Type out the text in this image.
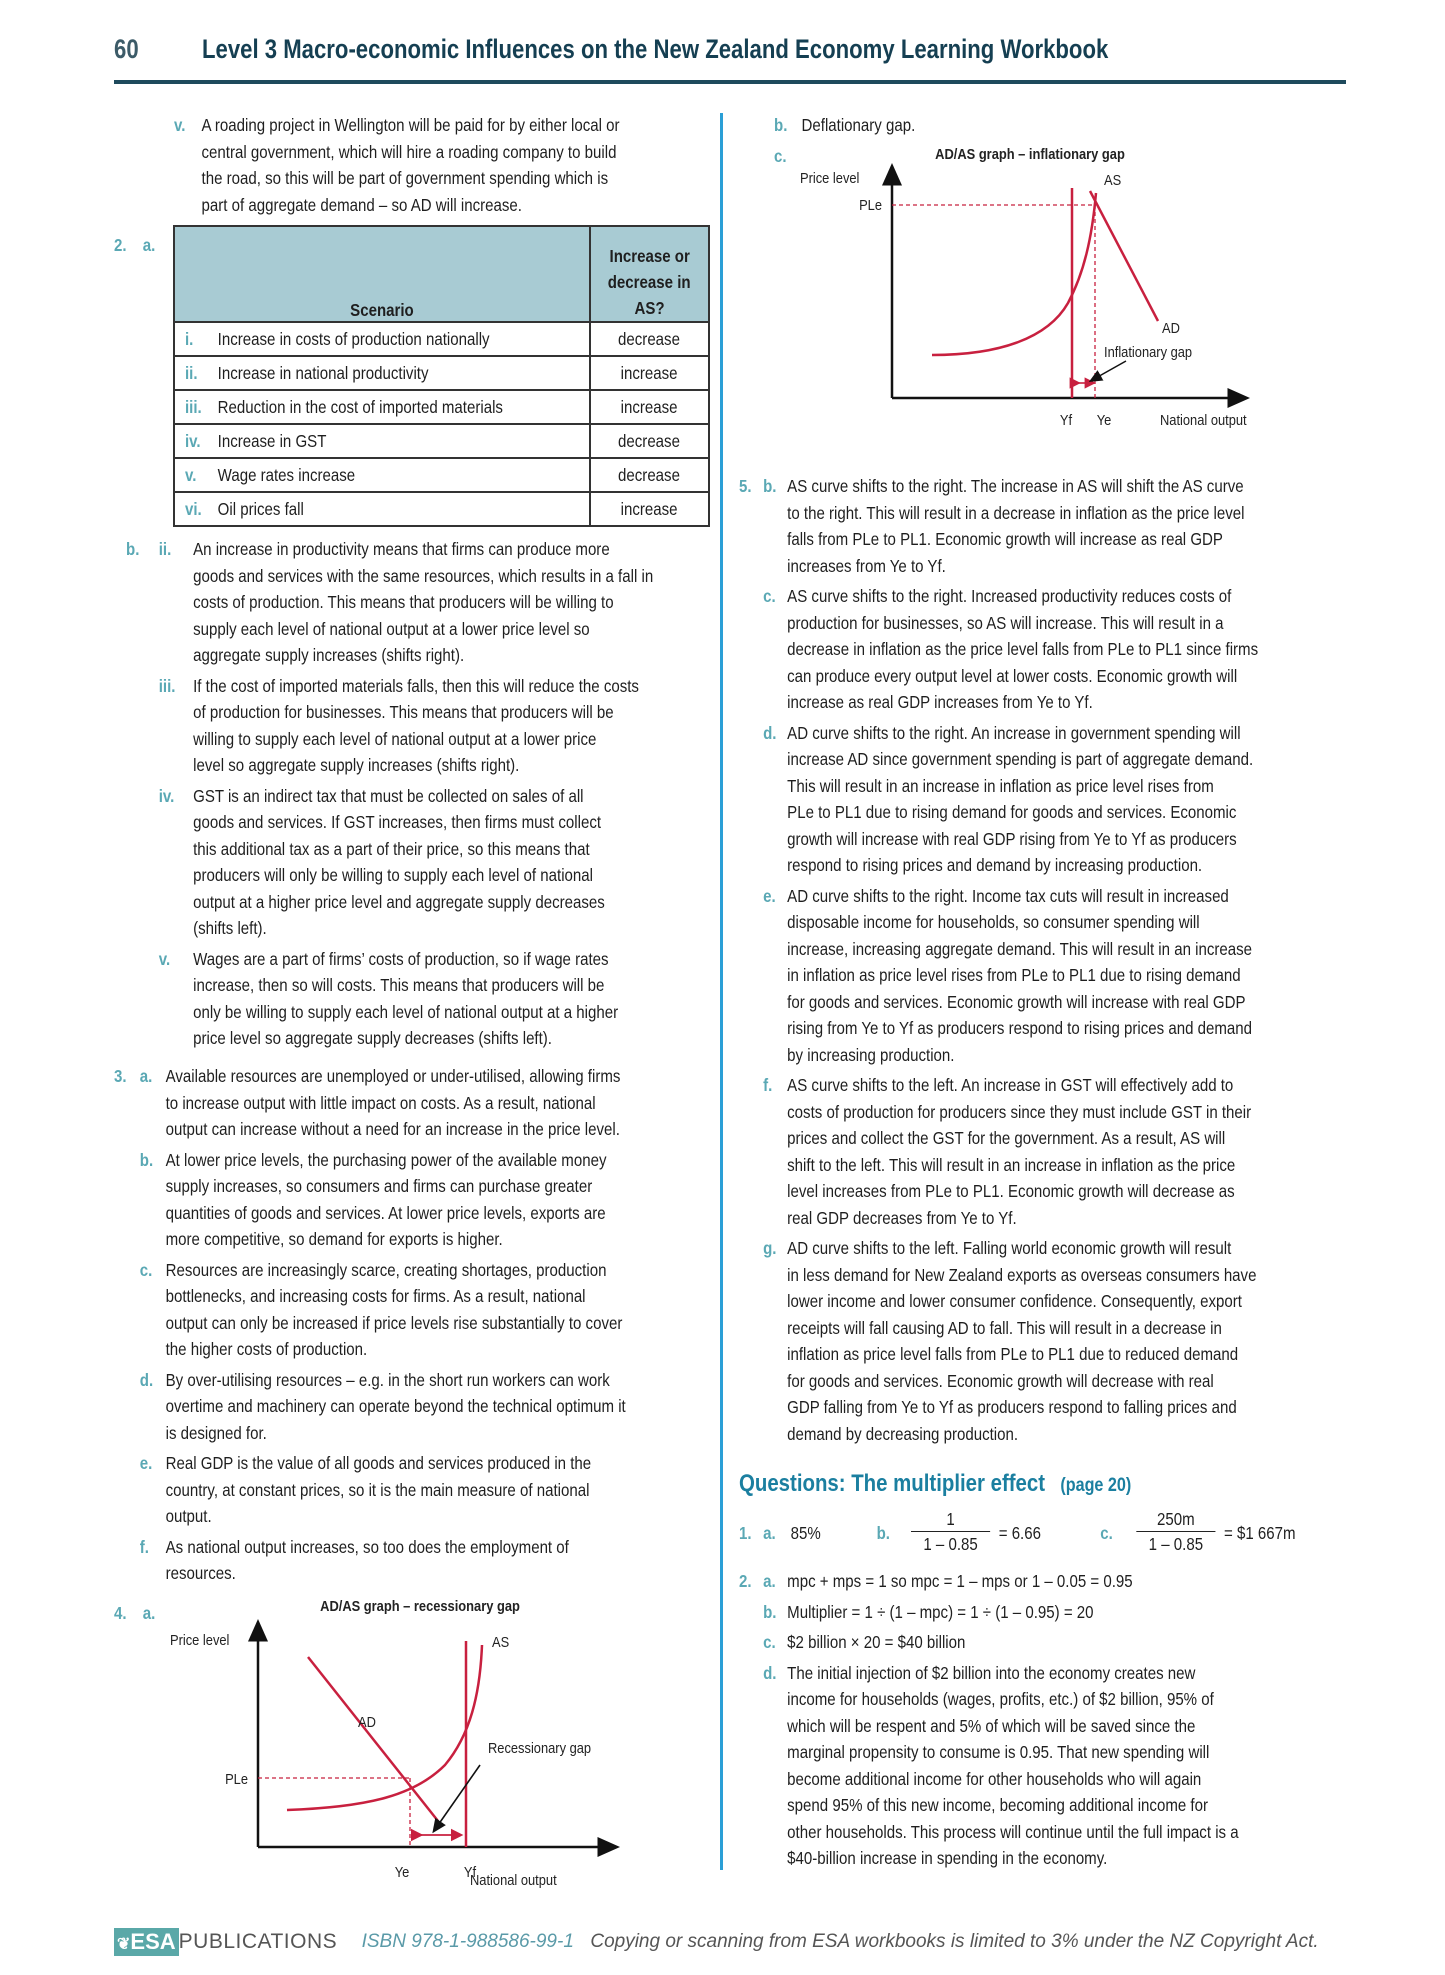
60 Level 3 Macro-economic Influences on the New Zealand Economy Learning Workbook
v. A roading project in Wellington will be paid for by either local or
central government, which will hire a roading company to build
the road, so this will be part of government spending which is
part of aggregate demand – so AD will increase.
2. a.
Scenario	Increase or
decrease in
AS?
i. Increase in costs of production nationally	decrease
ii. Increase in national productivity	increase
iii. Reduction in the cost of imported materials	increase
iv. Increase in GST	decrease
v. Wage rates increase	decrease
vi. Oil prices fall	increase
b. ii.	An increase in productivity means that firms can produce more
goods and services with the same resources, which results in a fall in
costs of production. This means that producers will be willing to
supply each level of national output at a lower price level so
aggregate supply increases (shifts right).
iii.	If the cost of imported materials falls, then this will reduce the costs
of production for businesses. This means that producers will be
willing to supply each level of national output at a lower price
level so aggregate supply increases (shifts right).
iv.	GST is an indirect tax that must be collected on sales of all
goods and services. If GST increases, then firms must collect
this additional tax as a part of their price, so this means that
producers will only be willing to supply each level of national
output at a higher price level and aggregate supply decreases
(shifts left).
v.	Wages are a part of firms’ costs of production, so if wage rates
increase, then so will costs. This means that producers will be
only be willing to supply each level of national output at a higher
price level so aggregate supply decreases (shifts left).
3. a. Available resources are unemployed or under-utilised, allowing firms
to increase output with little impact on costs. As a result, national
output can increase without a need for an increase in the price level.
b. At lower price levels, the purchasing power of the available money
supply increases, so consumers and firms can purchase greater
quantities of goods and services. At lower price levels, exports are
more competitive, so demand for exports is higher.
c. Resources are increasingly scarce, creating shortages, production
bottlenecks, and increasing costs for firms. As a result, national
output can only be increased if price levels rise substantially to cover
the higher costs of production.
d. By over-utilising resources – e.g. in the short run workers can work
overtime and machinery can operate beyond the technical optimum it
is designed for.
e. Real GDP is the value of all goods and services produced in the
country, at constant prices, so it is the main measure of national
output.
f. As national output increases, so too does the employment of
resources.
4. a.	AD/AS graph – recessionary gap
Price level
National output
PLe
Ye	Yf
AS
AD
Recessionary gap
b. Deflationary gap.
c.	AD/AS graph – inflationary gap
Price level
National output
PLe
Yf Ye
AS
AD
Inflationary gap
5. b. AS curve shifts to the right. The increase in AS will shift the AS curve
to the right. This will result in a decrease in inflation as the price level
falls from PLe to PL1. Economic growth will increase as real GDP
increases from Ye to Yf.
c. AS curve shifts to the right. Increased productivity reduces costs of
production for businesses, so AS will increase. This will result in a
decrease in inflation as the price level falls from PLe to PL1 since firms
can produce every output level at lower costs. Economic growth will
increase as real GDP increases from Ye to Yf.
d. AD curve shifts to the right. An increase in government spending will
increase AD since government spending is part of aggregate demand.
This will result in an increase in inflation as price level rises from
PLe to PL1 due to rising demand for goods and services. Economic
growth will increase with real GDP rising from Ye to Yf as producers
respond to rising prices and demand by increasing production.
e. AD curve shifts to the right. Income tax cuts will result in increased
disposable income for households, so consumer spending will
increase, increasing aggregate demand. This will result in an increase
in inflation as price level rises from PLe to PL1 due to rising demand
for goods and services. Economic growth will increase with real GDP
rising from Ye to Yf as producers respond to rising prices and demand
by increasing production.
f. AS curve shifts to the left. An increase in GST will effectively add to
costs of production for producers since they must include GST in their
prices and collect the GST for the government. As a result, AS will
shift to the left. This will result in an increase in inflation as the price
level increases from PLe to PL1. Economic growth will decrease as
real GDP decreases from Ye to Yf.
g. AD curve shifts to the left. Falling world economic growth will result
in less demand for New Zealand exports as overseas consumers have
lower income and lower consumer confidence. Consequently, export
receipts will fall causing AD to fall. This will result in a decrease in
inflation as price level falls from PLe to PL1 due to reduced demand
for goods and services. Economic growth will decrease with real
GDP falling from Ye to Yf as producers respond to falling prices and
demand by decreasing production.
Questions: The multiplier effect (page 20)
1. a. 85%	b. $\frac{1}{1 - 0.85} = 6.66$	c. $\frac{250m}{1 - 0.85}$ = $1 667m
2. a. mpc + mps = 1 so mpc = 1 – mps or 1 – 0.05 = 0.95
b. Multiplier = 1 ÷ (1 – mpc) = 1 ÷ (1 – 0.95) = 20
c. $2 billion × 20 = $40 billion
d. The initial injection of $2 billion into the economy creates new
income for households (wages, profits, etc.) of $2 billion, 95% of
which will be respent and 5% of which will be saved since the
marginal propensity to consume is 0.95. That new spending will
become additional income for other households who will again
spend 95% of this new income, becoming additional income for
other households. This process will continue until the full impact is a
$40-billion increase in spending in the economy.
❦ESA PUBLICATIONS ISBN 978-1-988586-99-1 Copying or scanning from ESA workbooks is limited to 3% under the NZ Copyright Act.
